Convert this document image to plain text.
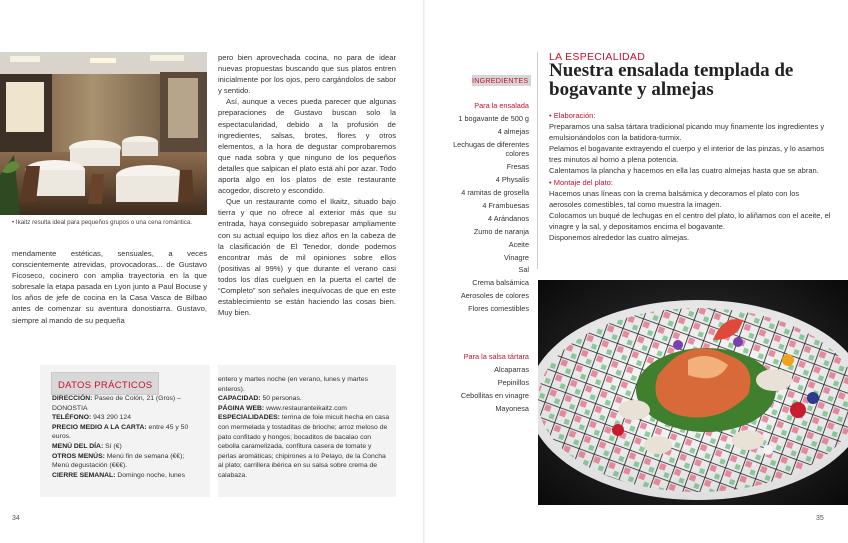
• Ikaitz resulta ideal para pequeños grupos o una cena romántica.

mendamente estéticas, sensuales, a veces conscientemente atrevidas, provocadoras... de Gustavo Ficoseco, cocinero con amplia trayectoria en la que sobresale la etapa pasada en Lyon junto a Paul Bocuse y los años de jefe de cocina en la Casa Vasca de Bilbao antes de comenzar su aventura donostiarra. Gustavo, siempre al mando de su pequeña

pero bien aprovechada cocina, no para de idear nuevas propuestas buscando que sus platos entren inicialmente por los ojos, pero cargándolos de sabor y sentido.

Así, aunque a veces pueda parecer que algunas preparaciones de Gustavo buscan solo la espectacularidad, debido a la profusión de ingredientes, salsas, brotes, flores y otros elementos, a la hora de degustar comprobaremos que nada sobra y que ninguno de los pequeños detalles que salpican el plato está ahí por azar. Todo aporta algo en los platos de este restaurante acogedor, discreto y escondido.

Que un restaurante como el Ikaitz, situado bajo tierra y que no ofrece al exterior más que su entrada, haya conseguido sobrepasar ampliamente con su actual equipo los diez años en la cabeza de la clasificación de El Tenedor, donde podemos encontrar más de mil opiniones sobre ellos (positivas al 99%) y que durante el verano casi todos los días cuelguen en la puerta el cartel de “Completo” son señales inequívocas de que en este establecimiento se están haciendo las cosas bien. Muy bien.

DATOS PRÁCTICOS
DIRECCIÓN: Paseo de Colón, 21 (Gros) – DONOSTIA
TELÉFONO: 943 290 124
PRECIO MEDIO A LA CARTA: entre 45 y 50 euros.
MENÚ DEL DÍA: Sí (€)
OTROS MENÚS: Menú fin de semana (€€); Menú degustación (€€€).
CIERRE SEMANAL: Domingo noche, lunes
entero y martes noche (en verano, lunes y martes enteros).
CAPACIDAD: 50 personas.
PÁGINA WEB: www.restauranteikaitz.com
ESPECIALIDADES: terrina de foie micuit hecha en casa con mermelada y tostaditas de brioche; arroz meloso de pato confitado y hongos; bocaditos de bacalao con cebolla caramelizada, confitura casera de tomate y perlas aromáticas; chipirones a lo Pelayo, de la Concha al plato; carrillera ibérica en su salsa sobre crema de calabaza.
34
INGREDIENTES
Para la ensalada
1 bogavante de 500 g
4 almejas
Lechugas de diferentes colores
Fresas
4 Physalis
4 ramitas de grosella
4 Frambuesas
4 Arándanos
Zumo de naranja
Aceite
Vinagre
Sal
Crema balsámica
Aerosoles de colores
Flores comestibles
Para la salsa tártara
Alcaparras
Pepinillos
Cebollitas en vinagre
Mayonesa
LA ESPECIALIDAD
Nuestra ensalada templada de bogavante y almejas

• Elaboración:

Preparamos una salsa tártara tradicional picando muy finamente los ingredientes y emulsionándolos con la batidora-turmix.

Pelamos el bogavante extrayendo el cuerpo y el interior de las pinzas, y lo asamos tres minutos al horno a plena potencia.

Calentamos la plancha y hacemos en ella las cuatro almejas hasta que se abran.

• Montaje del plato:

Hacemos unas líneas con la crema balsámica y decoramos el plato con los aerosoles comestibles, tal como muestra la imagen.

Colocamos un buqué de lechugas en el centro del plato, lo aliñamos con el aceite, el vinagre y la sal, y depositamos encima el bogavante.

Disponemos alrededor las cuatro almejas.

35
